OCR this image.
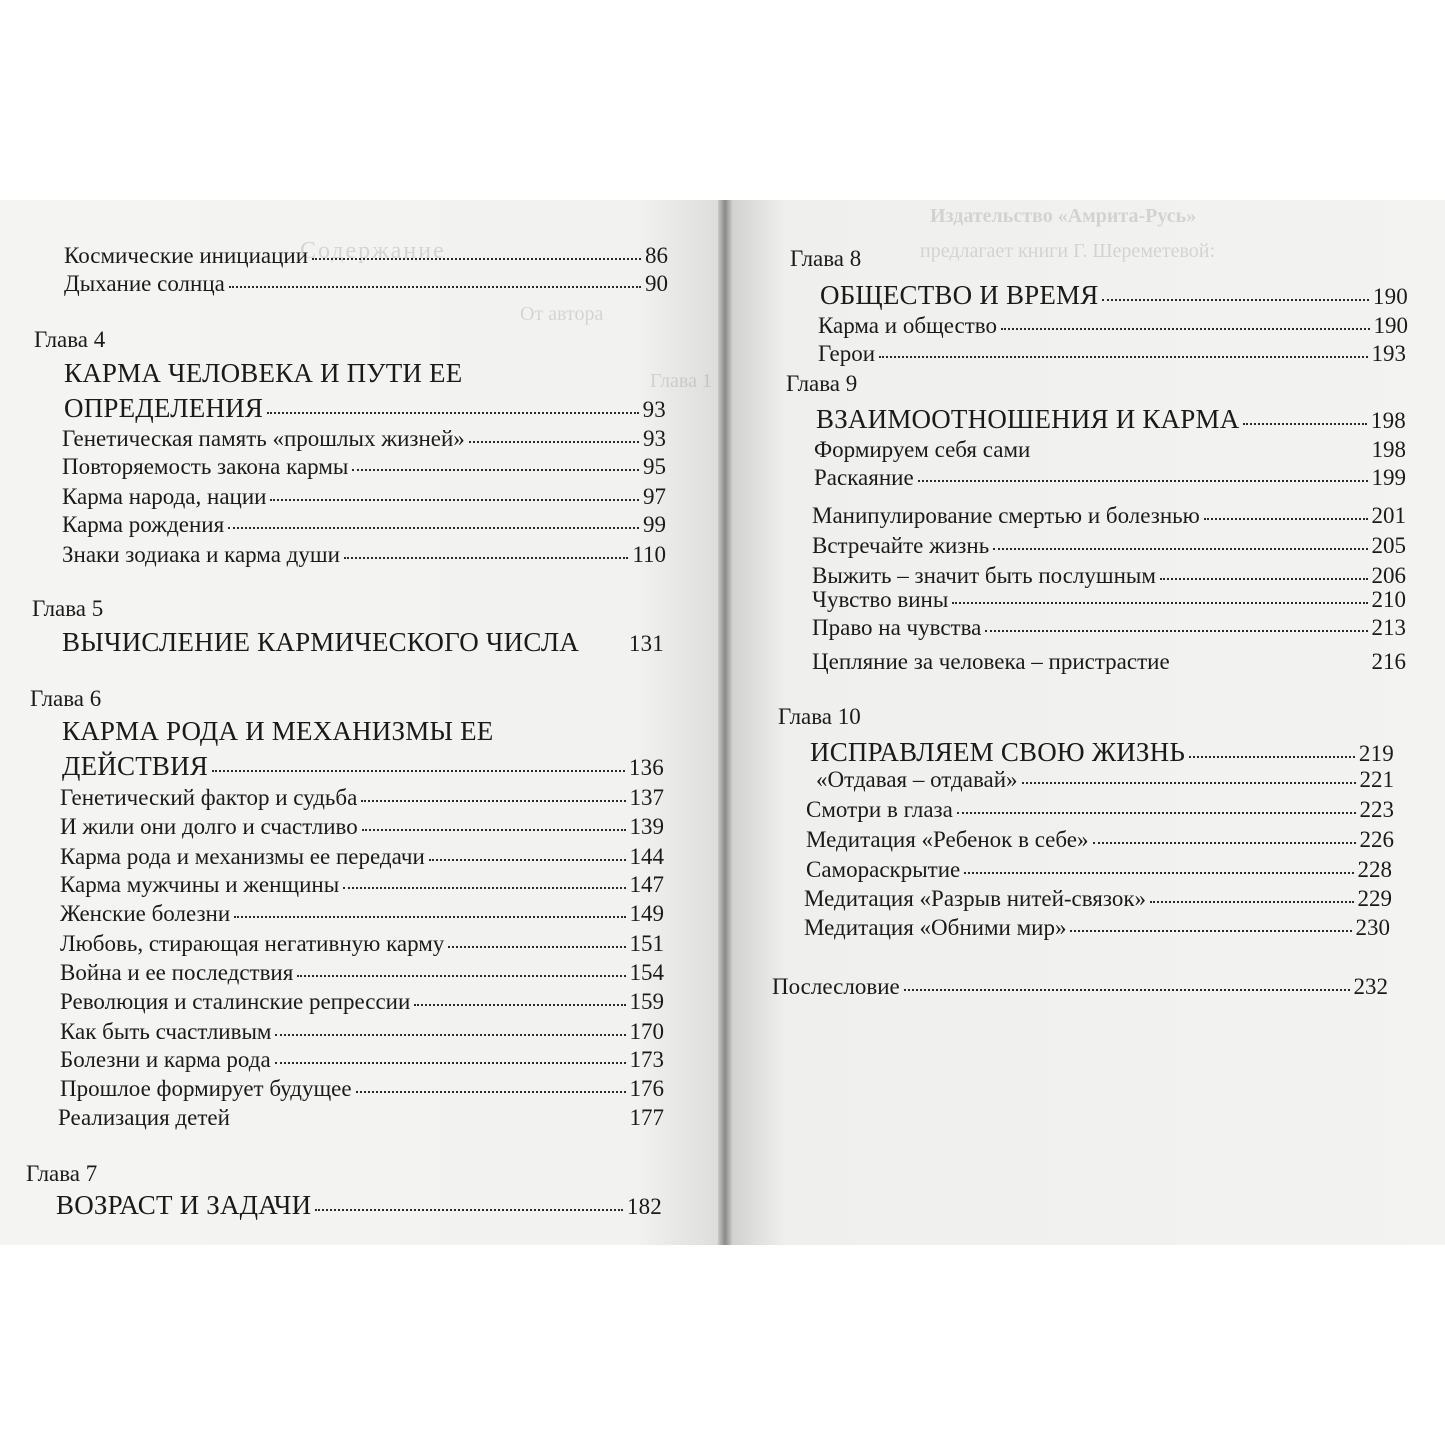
Содержание
От автора
Глава 1
Издательство «Амрита-Русь»
предлагает книги Г. Шереметевой:
Космические инициации	86
Дыхание солнца	90
Глава 4
КАРМА ЧЕЛОВЕКА И ПУТИ ЕЕ
ОПРЕДЕЛЕНИЯ	93
Генетическая память «прошлых жизней»	93
Повторяемость закона кармы	95
Карма народа, нации	97
Карма рождения	99
Знаки зодиака и карма души	110
Глава 5
ВЫЧИСЛЕНИЕ КАРМИЧЕСКОГО ЧИСЛА 131
Глава 6
КАРМА РОДА И МЕХАНИЗМЫ ЕЕ
ДЕЙСТВИЯ	136
Генетический фактор и судьба	137
И жили они долго и счастливо	139
Карма рода и механизмы ее передачи	144
Карма мужчины и женщины	147
Женские болезни	149
Любовь, стирающая негативную карму	151
Война и ее последствия	154
Революция и сталинские репрессии	159
Как быть счастливым	170
Болезни и карма рода	173
Прошлое формирует будущее	176
Реализация детей	177
Глава 7
ВОЗРАСТ И ЗАДАЧИ	182
Глава 8
ОБЩЕСТВО И ВРЕМЯ	190
Карма и общество	190
Герои	193
Глава 9
ВЗАИМООТНОШЕНИЯ И КАРМА	198
Формируем себя сами	198
Раскаяние	199
Манипулирование смертью и болезнью	201
Встречайте жизнь	205
Выжить – значит быть послушным	206
Чувство вины	210
Право на чувства	213
Цепляние за человека – пристрастие	216
Глава 10
ИСПРАВЛЯЕМ СВОЮ ЖИЗНЬ	219
«Отдавая – отдавай»	221
Смотри в глаза	223
Медитация «Ребенок в себе»	226
Самораскрытие	228
Медитация «Разрыв нитей-связок»	229
Медитация «Обними мир»	230
Послесловие	232
